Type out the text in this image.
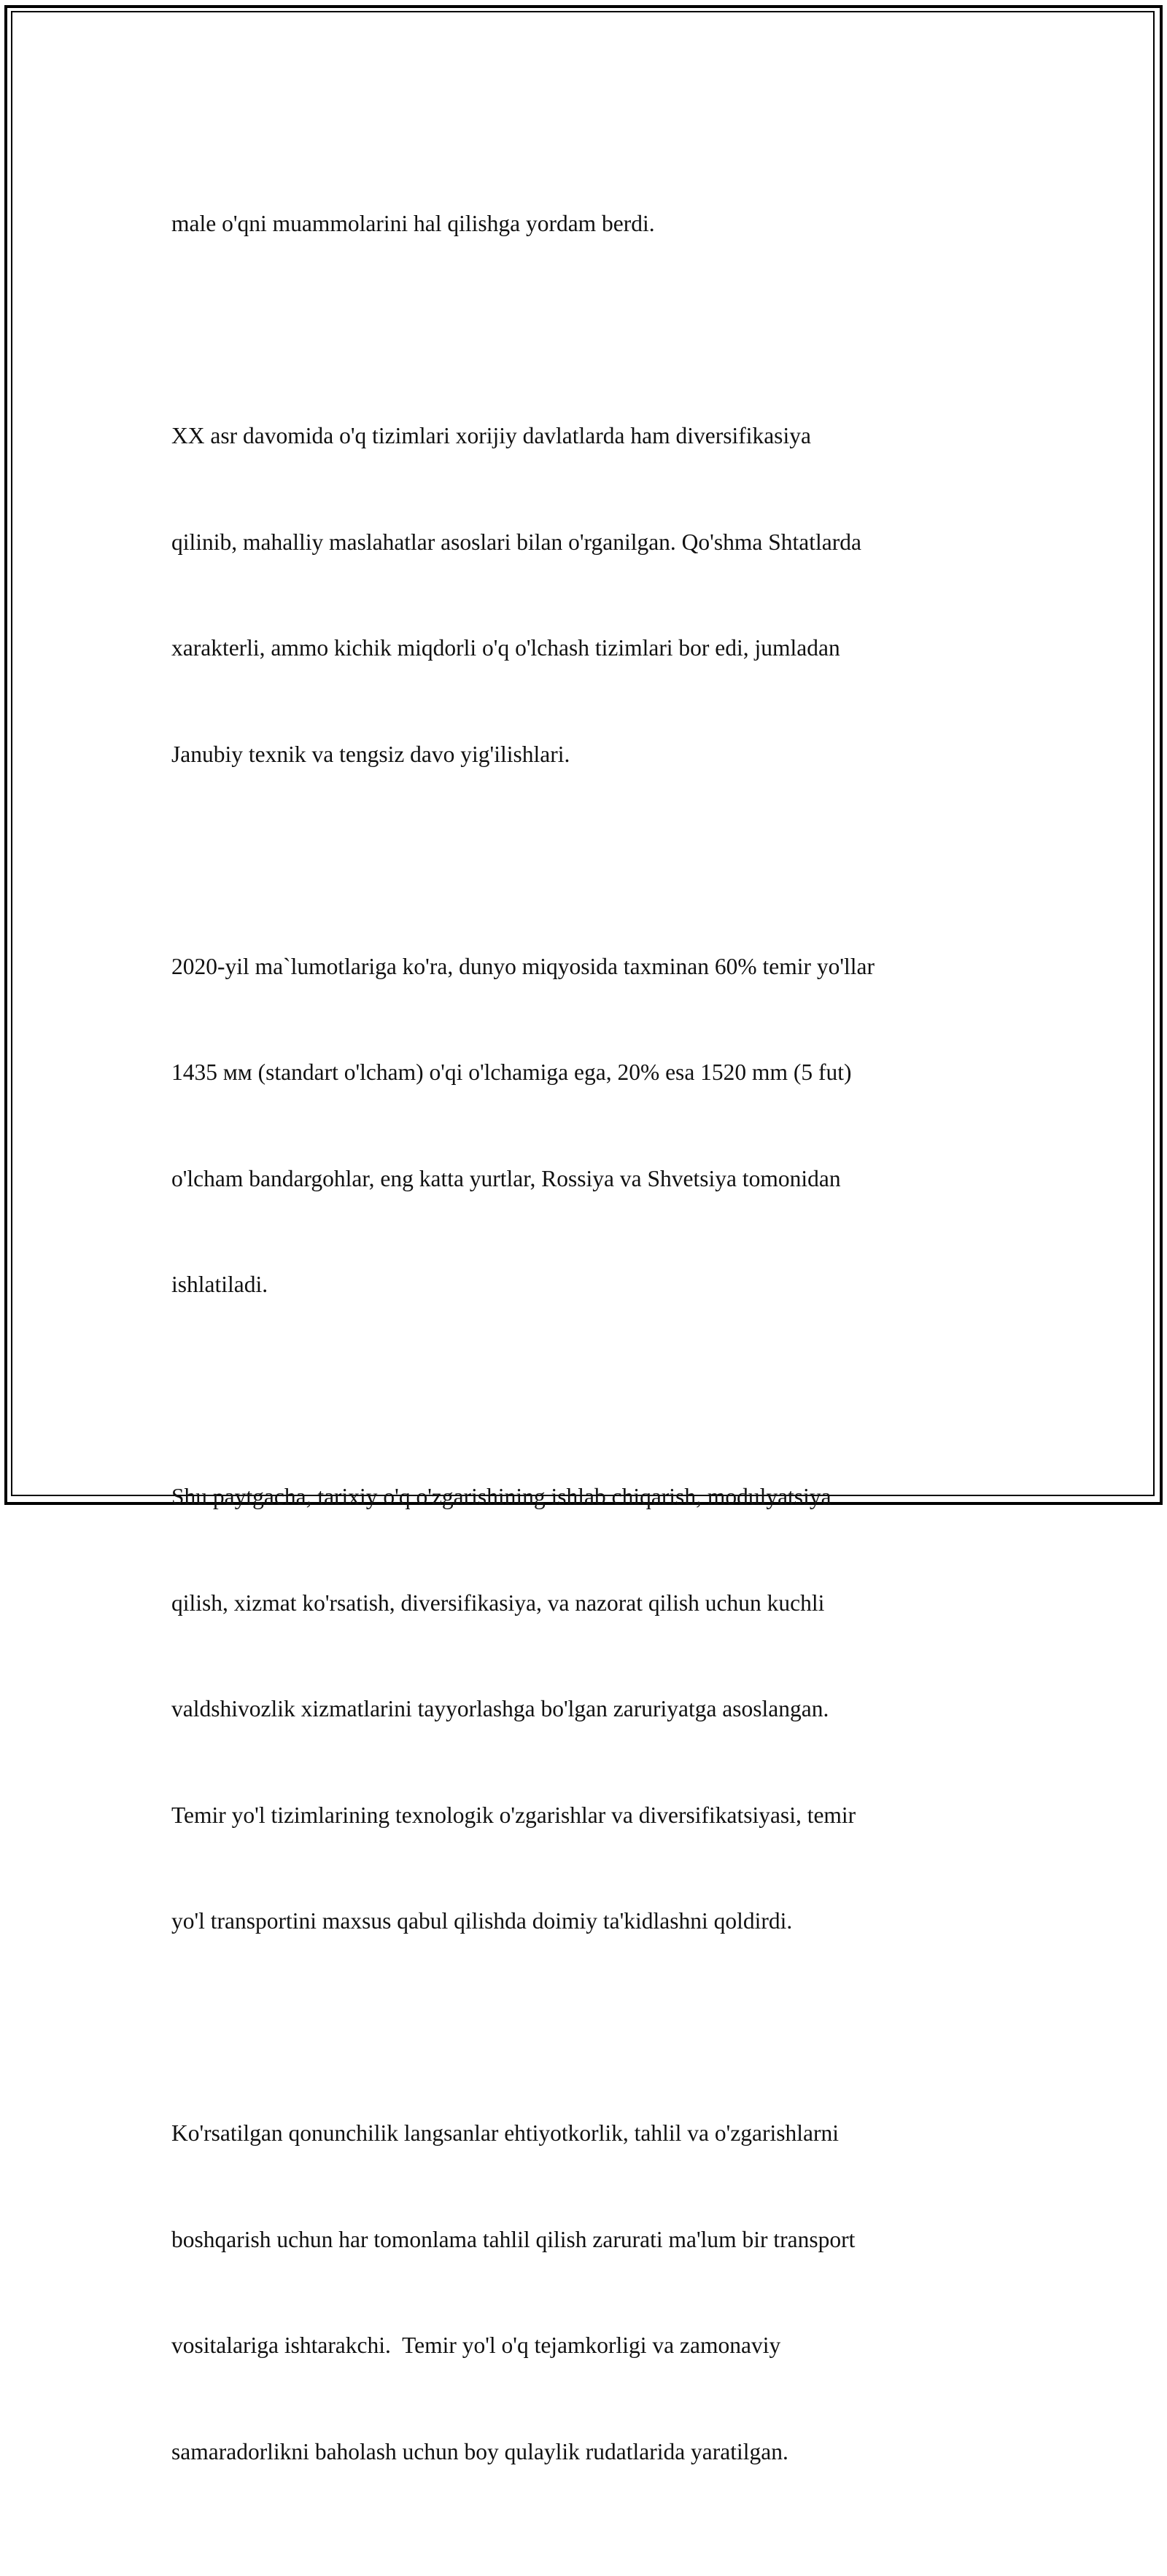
male o'qni muammolarini hal qilishga yordam berdi.

XX asr davomida o'q tizimlari xorijiy davlatlarda ham diversifikasiya

qilinib, mahalliy maslahatlar asoslari bilan o'rganilgan. Qo'shma Shtatlarda

xarakterli, ammo kichik miqdorli o'q o'lchash tizimlari bor edi, jumladan

Janubiy texnik va tengsiz davo yig'ilishlari.

2020-yil ma`lumotlariga ko'ra, dunyo miqyosida taxminan 60% temir yo'llar

1435 мм (standart o'lcham) o'qi o'lchamiga ega, 20% esa 1520 mm (5 fut)

o'lcham bandargohlar, eng katta yurtlar, Rossiya va Shvetsiya tomonidan

ishlatiladi.

Shu paytgacha, tarixiy o'q o'zgarishining ishlab chiqarish, modulyatsiya

qilish, xizmat ko'rsatish, diversifikasiya, va nazorat qilish uchun kuchli

valdshivozlik xizmatlarini tayyorlashga bo'lgan zaruriyatga asoslangan.

Temir yo'l tizimlarining texnologik o'zgarishlar va diversifikatsiyasi, temir

yo'l transportini maxsus qabul qilishda doimiy ta'kidlashni qoldirdi.

Ko'rsatilgan qonunchilik langsanlar ehtiyotkorlik, tahlil va o'zgarishlarni

boshqarish uchun har tomonlama tahlil qilish zarurati ma'lum bir transport

vositalariga ishtarakchi.  Temir yo'l o'q tejamkorligi va zamonaviy

samaradorlikni baholash uchun boy qulaylik rudatlarida yaratilgan.
